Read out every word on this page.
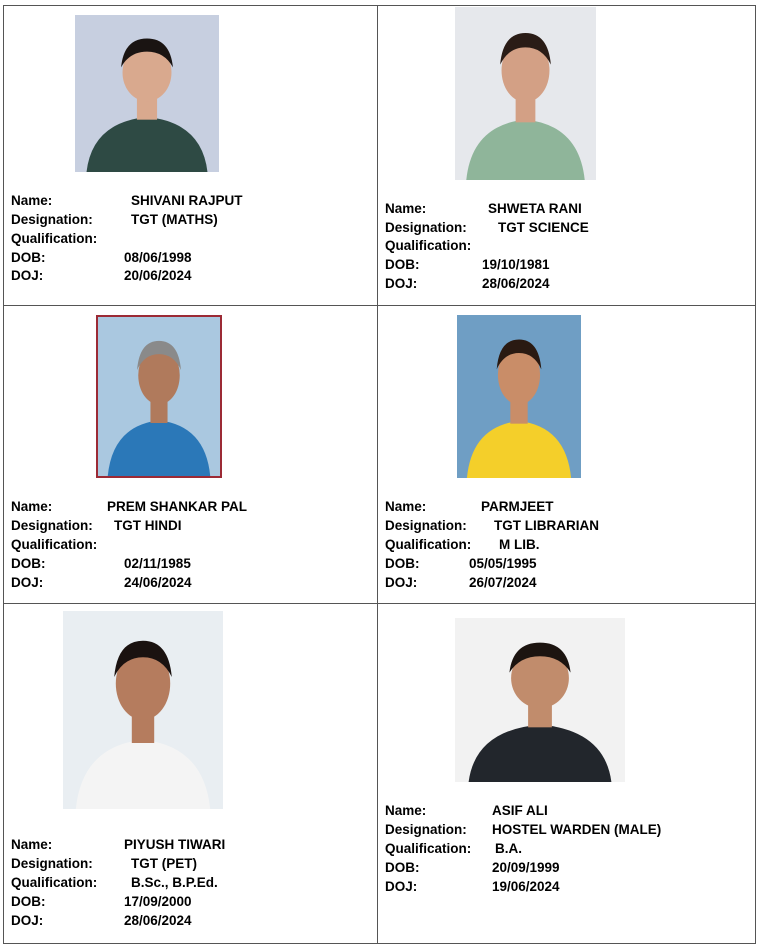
Name:	SHIVANI RAJPUT
Designation:	TGT (MATHS)
Qualification:
DOB:	08/06/1998
DOJ:	20/06/2024
Name:	SHWETA RANI
Designation: TGT SCIENCE
Qualification:
DOB:	19/10/1981
DOJ:	28/06/2024
Name:	PREM SHANKAR PAL
Designation: TGT HINDI
Qualification:
DOB:	02/11/1985
DOJ:	24/06/2024
Name:	PARMJEET
Designation: TGT LIBRARIAN
Qualification: M LIB.
DOB:	05/05/1995
DOJ:	26/07/2024
Name:	PIYUSH TIWARI
Designation:	TGT (PET)
Qualification: B.Sc., B.P.Ed.
DOB:	17/09/2000
DOJ:	28/06/2024
Name:	ASIF ALI
Designation: HOSTEL WARDEN (MALE)
Qualification: B.A.
DOB:	20/09/1999
DOJ:	19/06/2024
